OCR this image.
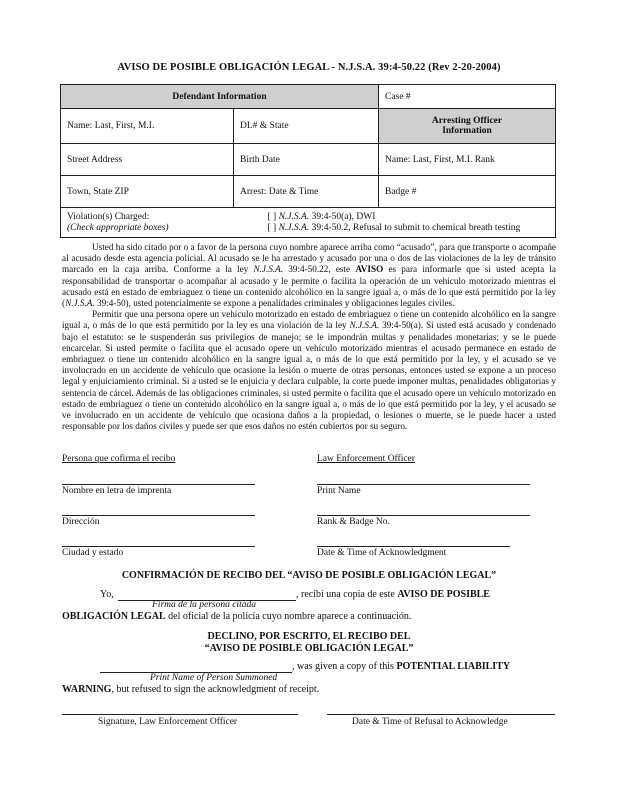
AVISO DE POSIBLE OBLIGACIÓN LEGAL - N.J.S.A. 39:4-50.22 (Rev 2-20-2004)
Defendant Information		Case #
Name: Last, First, M.I.	DL# & State	Arresting Officer
Information
Street Address	Birth Date	Name: Last, First, M.I. Rank
Town, State ZIP	Arrest: Date & Time	Badge #
Violation(s) Charged:
(Check appropriate boxes)	[ ] N.J.S.A. 39:4-50(a), DWI
[ ] N.J.S.A. 39:4-50.2, Refusal to submit to chemical breath testing	

Usted ha sido citado por o a favor de la persona cuyo nombre aparece arriba como “acusado”, para que transporte o acompañe al acusado desde esta agencia policial. Al acusado se le ha arrestado y acusado por una o dos de las violaciones de la ley de tránsito marcado en la caja arriba. Conforme a la ley N.J.S.A. 39:4-50.22, este AVISO es para informarle que si usted acepta la responsabilidad de transportar o acompañar al acusado y le permite o facilita la operación de un vehículo motorizado mientras el acusado está en estado de embriaguez o tiene un contenido alcohólico en la sangre igual a, o más de lo que está permitido por la ley (N.J.S.A. 39:4-50), usted potencialmente se expone a penalidades criminales y obligaciones legales civiles.

Permitir que una persona opere un vehículo motorizado en estado de embriaguez o tiene un contenido alcohólico en la sangre igual a, o más de lo que está permitido por la ley es una violación de la ley N.J.S.A. 39:4-50(a). Si usted está acusado y condenado bajo el estatuto: se le suspenderán sus privilegios de manejo; se le impondrán multas y penalidades monetarias; y se le puede encarcelar. Si usted permite o facilita que el acusado opere un vehículo motorizado mientras el acusado permanece en estado de embriaguez o tiene un contenido alcohólico en la sangre igual a, o más de lo que está permitido por la ley, y el acusado se ve involucrado en un accidente de vehículo que ocasione la lesión o muerte de otras personas, entonces usted se expone a un proceso legal y enjuiciamiento criminal. Si a usted se le enjuicia y declara culpable, la corte puede imponer multas, penalidades obligatorias y sentencia de cárcel. Además de las obligaciones criminales, si usted permite o facilita que el acusado opere un vehículo motorizado en estado de embriaguez o tiene un contenido alcohólico en la sangre igual a, o más de lo que está permitido por la ley, y el acusado se ve involucrado en un accidente de vehículo que ocasiona daños a la propiedad, o lesiones o muerte, se le puede hacer a usted responsable por los daños civiles y puede ser que esos daños no estén cubiertos por su seguro.

Persona que cofirma el recibo	Law Enforcement Officer
Nombre en letra de imprenta	Print Name
Dirección	Rank & Badge No.
Ciudad y estado	Date & Time of Acknowledgment
CONFIRMACIÓN DE RECIBO DEL “AVISO DE POSIBLE OBLIGACIÓN LEGAL”
Yo,	, recibí una copia de este AVISO DE POSIBLE
Firma de la persona citada
OBLIGACIÓN LEGAL del oficial de la policía cuyo nombre aparece a continuación.
DECLINO, POR ESCRITO, EL RECIBO DEL
“AVISO DE POSIBLE OBLIGACIÓN LEGAL”
, was given a copy of this POTENTIAL LIABILITY
Print Name of Person Summoned
WARNING, but refused to sign the acknowledgment of receipt.
Signature, Law Enforcement Officer	Date & Time of Refusal to Acknowledge
